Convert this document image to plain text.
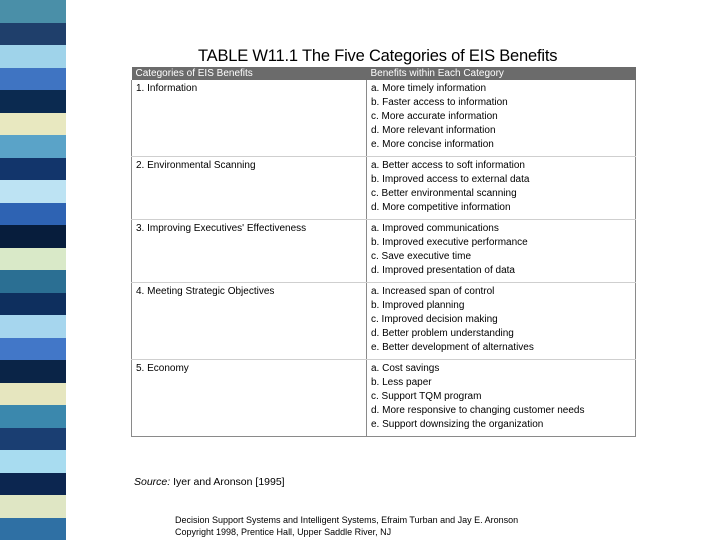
TABLE W11.1 The Five Categories of EIS Benefits
Categories of EIS Benefits	Benefits within Each Category
1. Information	a. More timely information
b. Faster access to information
c. More accurate information
d. More relevant information
e. More concise information

2. Environmental Scanning	a. Better access to soft information
b. Improved access to external data
c. Better environmental scanning
d. More competitive information

3. Improving Executives' Effectiveness	a. Improved communications
b. Improved executive performance
c. Save executive time
d. Improved presentation of data

4. Meeting Strategic Objectives	a. Increased span of control
b. Improved planning
c. Improved decision making
d. Better problem understanding
e. Better development of alternatives

5. Economy	a. Cost savings
b. Less paper
c. Support TQM program
d. More responsive to changing customer needs
e. Support downsizing the organization
Source: Iyer and Aronson [1995]
Decision Support Systems and Intelligent Systems, Efraim Turban and Jay E. Aronson
Copyright 1998, Prentice Hall, Upper Saddle River, NJ
